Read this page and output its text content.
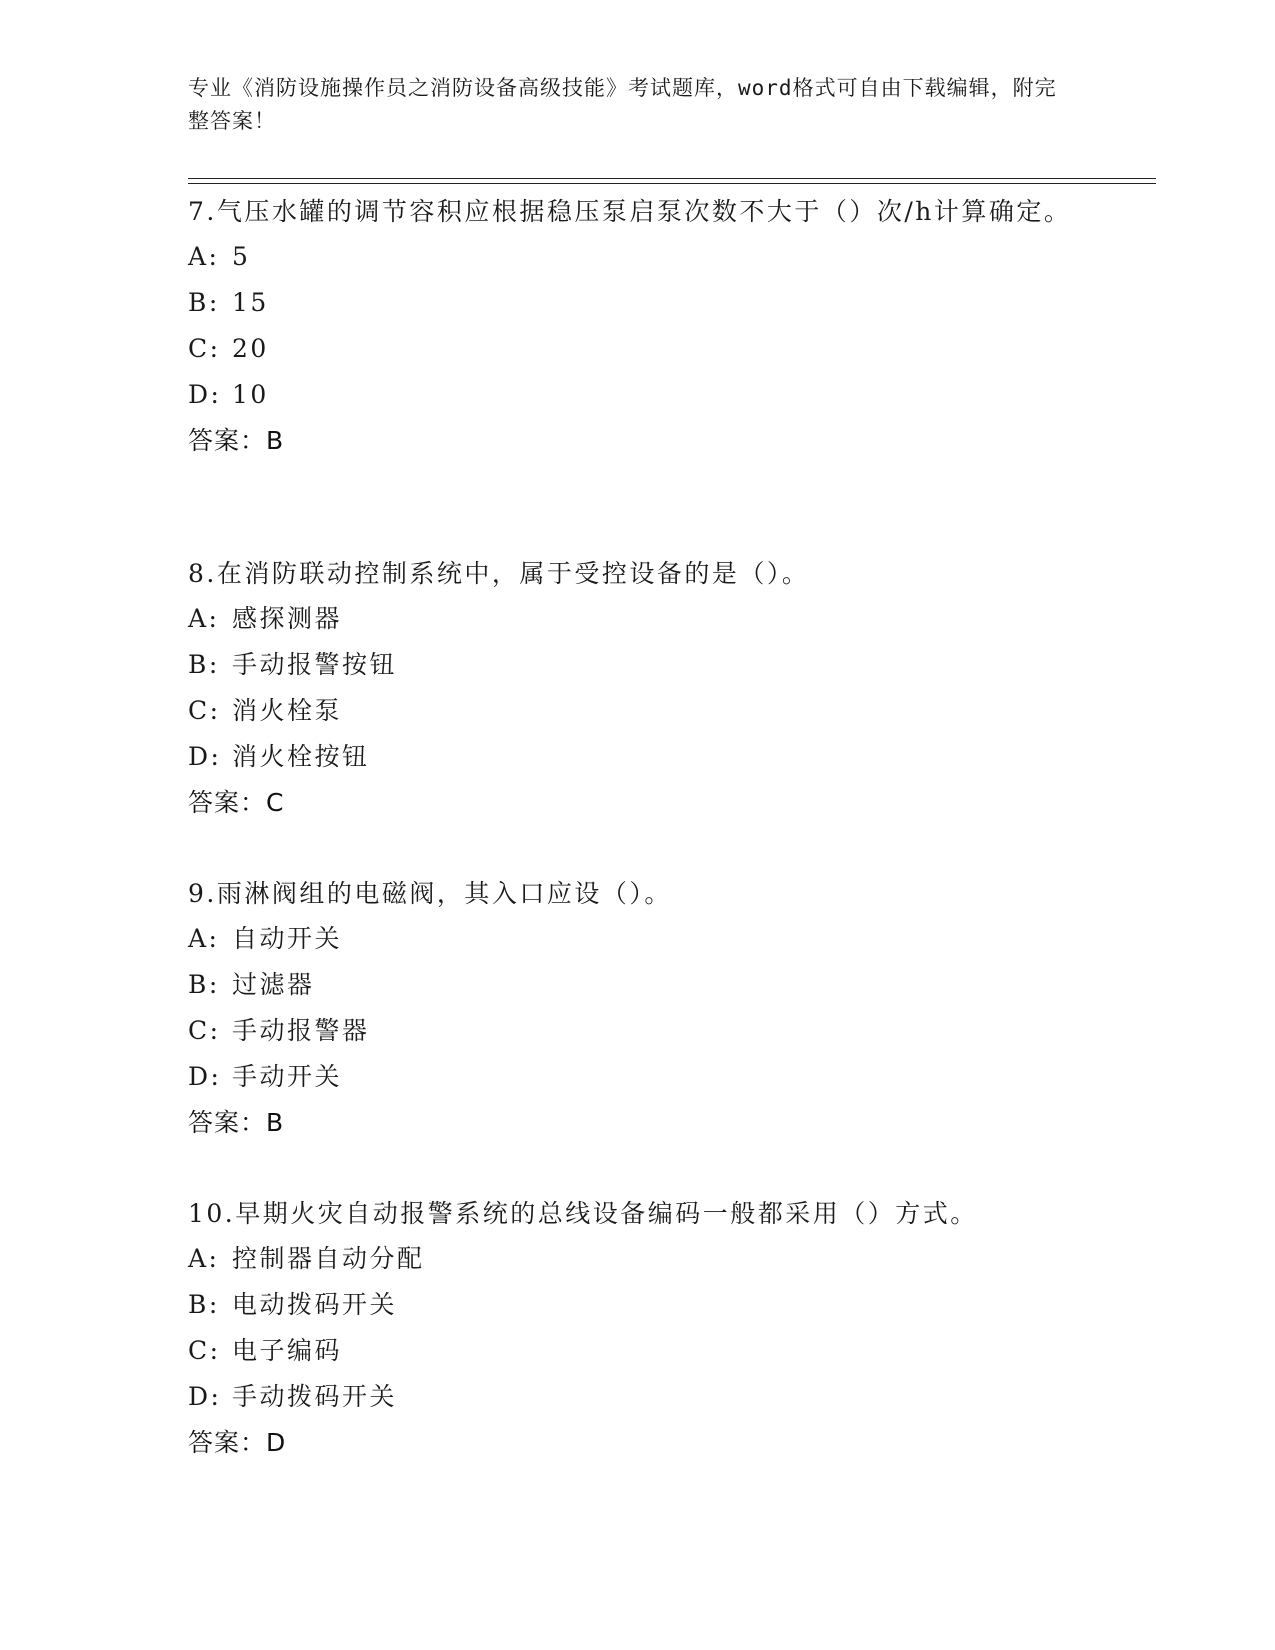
专业《消防设施操作员之消防设备高级技能》考试题库，word格式可自由下载编辑，附完整答案！

7.气压水罐的调节容积应根据稳压泵启泵次数不大于（）次/h计算确定。

A: 5
B: 15
C: 20
D: 10
答案：B

8.在消防联动控制系统中，属于受控设备的是（）。

A: 感探测器
B: 手动报警按钮
C: 消火栓泵
D: 消火栓按钮
答案：C

9.雨淋阀组的电磁阀，其入口应设（）。

A: 自动开关
B: 过滤器
C: 手动报警器
D: 手动开关
答案：B

10.早期火灾自动报警系统的总线设备编码一般都采用（）方式。

A: 控制器自动分配
B: 电动拨码开关
C: 电子编码
D: 手动拨码开关
答案：D
